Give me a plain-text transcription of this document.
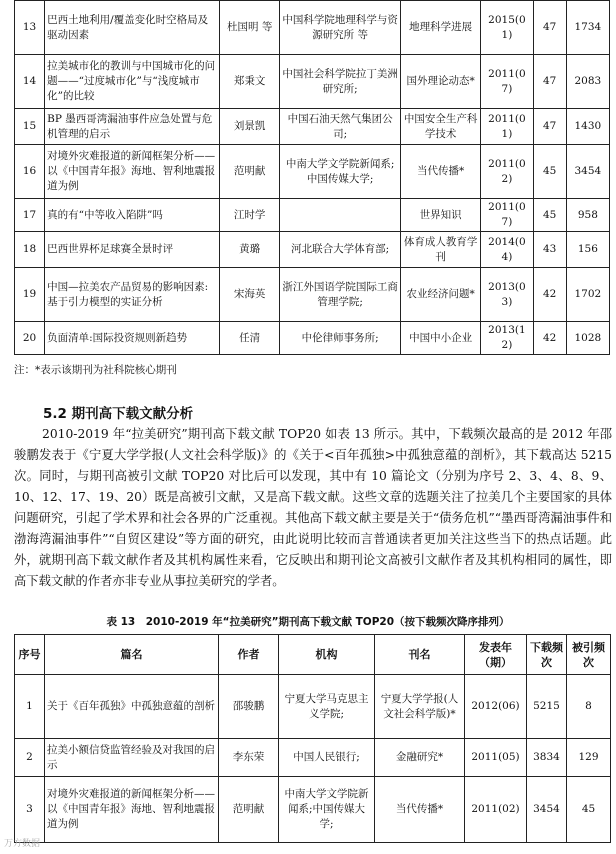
13	巴西土地利用/覆盖变化时空格局及驱动因素	杜国明 等	中国科学院地理科学与资源研究所 等	地理科学进展	2015(01)	47	1734
14	拉美城市化的教训与中国城市化的问题——“过度城市化”与“浅度城市化”的比较	郑秉文	中国社会科学院拉丁美洲研究所;	国外理论动态*	2011(07)	47	2083
15	BP 墨西哥湾漏油事件应急处置与危机管理的启示	刘景凯	中国石油天然气集团公司;	中国安全生产科学技术	2011(01)	47	1430
16	对境外灾难报道的新闻框架分析——以《中国青年报》海地、智利地震报道为例	范明献	中南大学文学院新闻系;中国传媒大学;	当代传播*	2011(02)	45	3454
17	真的有“中等收入陷阱”吗	江时学		世界知识	2011(07)	45	958
18	巴西世界杯足球赛全景时评	黄璐	河北联合大学体育部;	体育成人教育学刊	2014(04)	43	156
19	中国—拉美农产品贸易的影响因素:基于引力模型的实证分析	宋海英	浙江外国语学院国际工商管理学院;	农业经济问题*	2013(03)	42	1702
20	负面清单:国际投资规则新趋势	任清	中伦律师事务所;	中国中小企业	2013(12)	42	1028
注：*表示该期刊为社科院核心期刊
5.2 期刊高下载文献分析
2010-2019 年“拉美研究”期刊高下载文献 TOP20 如表 13 所示。其中，下载频次最高的是 2012 年邵骏鹏发表于《宁夏大学学报(人文社会科学版)》的《关于<百年孤独>中孤独意蕴的剖析》，其下载高达 5215 次。同时，与期刊高被引文献 TOP20 对比后可以发现，其中有 10 篇论文（分别为序号 2、3、4、8、9、10、12、17、19、20）既是高被引文献，又是高下载文献。这些文章的选题关注了拉美几个主要国家的具体问题研究，引起了学术界和社会各界的广泛重视。其他高下载文献主要是关于“债务危机”“墨西哥湾漏油事件和渤海湾漏油事件”“自贸区建设”等方面的研究，由此说明比较而言普通读者更加关注这些当下的热点话题。此外，就期刊高下载文献作者及其机构属性来看，它反映出和期刊论文高被引文献作者及其机构相同的属性，即高下载文献的作者亦非专业从事拉美研究的学者。
表 13　2010-2019 年“拉美研究”期刊高下载文献 TOP20（按下载频次降序排列）
序号	篇名	作者	机构	刊名	发表年（期）	下载频次	被引频次
1	关于《百年孤独》中孤独意蕴的剖析	邵骏鹏	宁夏大学马克思主义学院;	宁夏大学学报(人文社会科学版)*	2012(06)	5215	8
2	拉美小额信贷监管经验及对我国的启示	李东荣	中国人民银行;	金融研究*	2011(05)	3834	129
3	对境外灾难报道的新闻框架分析——以《中国青年报》海地、智利地震报道为例	范明献	中南大学文学院新闻系;中国传媒大学;	当代传播*	2011(02)	3454	45
万方数据
